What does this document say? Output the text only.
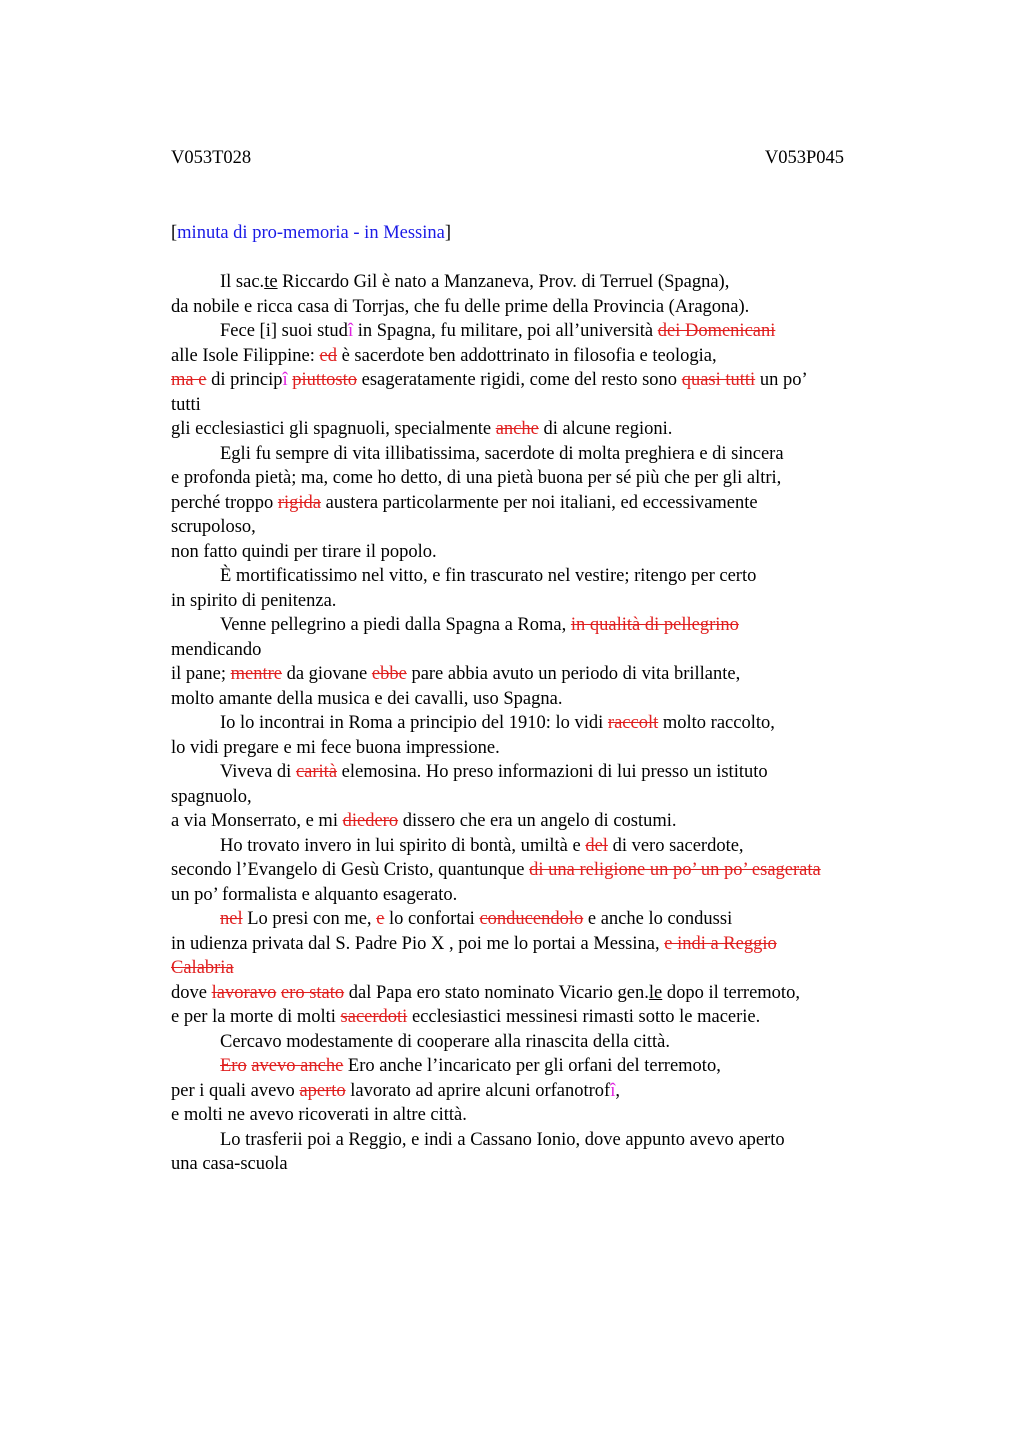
V053T028	V053P045
[minuta di pro-memoria - in Messina]
Il sac.te Riccardo Gil è nato a Manzaneva, Prov. di Terruel (Spagna),
da nobile e ricca casa di Torrjas, che fu delle prime della Provincia (Aragona).
Fece [i] suoi studî in Spagna, fu militare, poi all’università dei Domenicani
alle Isole Filippine: ed è sacerdote ben addottrinato in filosofia e teologia,
ma e di principî piuttosto esageratamente rigidi, come del resto sono quasi tutti un po’
tutti
gli ecclesiastici gli spagnuoli, specialmente anche di alcune regioni.
Egli fu sempre di vita illibatissima, sacerdote di molta preghiera e di sincera
e profonda pietà; ma, come ho detto, di una pietà buona per sé più che per gli altri,
perché troppo rigida austera particolarmente per noi italiani, ed eccessivamente
scrupoloso,
non fatto quindi per tirare il popolo.
È mortificatissimo nel vitto, e fin trascurato nel vestire; ritengo per certo
in spirito di penitenza.
Venne pellegrino a piedi dalla Spagna a Roma, in qualità di pellegrino
mendicando
il pane; mentre da giovane ebbe pare abbia avuto un periodo di vita brillante,
molto amante della musica e dei cavalli, uso Spagna.
Io lo incontrai in Roma a principio del 1910: lo vidi raccolt molto raccolto,
lo vidi pregare e mi fece buona impressione.
Viveva di carità elemosina. Ho preso informazioni di lui presso un istituto
spagnuolo,
a via Monserrato, e mi diedero dissero che era un angelo di costumi.
Ho trovato invero in lui spirito di bontà, umiltà e del di vero sacerdote,
secondo l’Evangelo di Gesù Cristo, quantunque di una religione un po’ un po’ esagerata
un po’ formalista e alquanto esagerato.
nel Lo presi con me, e lo confortai conducendolo e anche lo condussi
in udienza privata dal S. Padre Pio X , poi me lo portai a Messina, e indi a Reggio
Calabria
dove lavoravo ero stato dal Papa ero stato nominato Vicario gen.le dopo il terremoto,
e per la morte di molti sacerdoti ecclesiastici messinesi rimasti sotto le macerie.
Cercavo modestamente di cooperare alla rinascita della città.
Ero avevo anche Ero anche l’incaricato per gli orfani del terremoto,
per i quali avevo aperto lavorato ad aprire alcuni orfanotrofî,
e molti ne avevo ricoverati in altre città.
Lo trasferii poi a Reggio, e indi a Cassano Ionio, dove appunto avevo aperto
una casa-scuola
